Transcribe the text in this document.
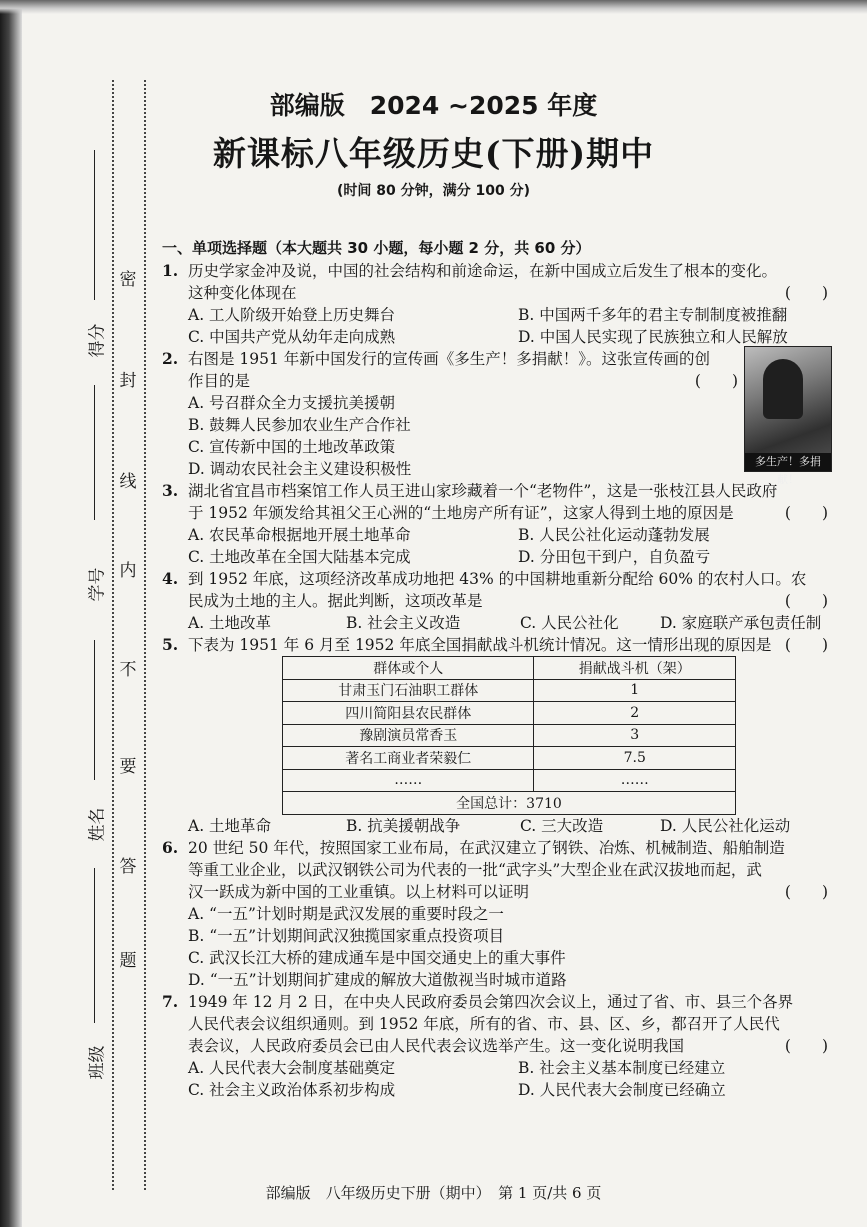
得分
学号
姓名
班级
密
封
线
内
不
要
答
题
部编版　2024 ~2025 年度
新课标八年级历史(下册)期中
(时间 80 分钟，满分 100 分)
多生产！多捐献！
一、单项选择题（本大题共 30 小题，每小题 2 分，共 60 分）
1. 历史学家金冲及说，中国的社会结构和前途命运，在新中国成立后发生了根本的变化。
这种变化体现在	(　　)
A. 工人阶级开始登上历史舞台	B. 中国两千多年的君主专制制度被推翻
C. 中国共产党从幼年走向成熟	D. 中国人民实现了民族独立和人民解放
2. 右图是 1951 年新中国发行的宣传画《多生产！多捐献！》。这张宣传画的创
作目的是	(　　)
A. 号召群众全力支援抗美援朝
B. 鼓舞人民参加农业生产合作社
C. 宣传新中国的土地改革政策
D. 调动农民社会主义建设积极性
3. 湖北省宜昌市档案馆工作人员王进山家珍藏着一个“老物件”，这是一张枝江县人民政府
于 1952 年颁发给其祖父王心洲的“土地房产所有证”，这家人得到土地的原因是	(　　)
A. 农民革命根据地开展土地革命	B. 人民公社化运动蓬勃发展
C. 土地改革在全国大陆基本完成	D. 分田包干到户，自负盈亏
4. 到 1952 年底，这项经济改革成功地把 43% 的中国耕地重新分配给 60% 的农村人口。农
民成为土地的主人。据此判断，这项改革是	(　　)
A. 土地改革	B. 社会主义改造	C. 人民公社化	D. 家庭联产承包责任制
5. 下表为 1951 年 6 月至 1952 年底全国捐献战斗机统计情况。这一情形出现的原因是 (　　)
群体或个人	捐献战斗机（架）
甘肃玉门石油职工群体	1
四川简阳县农民群体	2
豫剧演员常香玉	3
著名工商业者荣毅仁	7.5
……	……
全国总计：3710	
A. 土地革命	B. 抗美援朝战争	C. 三大改造	D. 人民公社化运动
6. 20 世纪 50 年代，按照国家工业布局，在武汉建立了钢铁、冶炼、机械制造、船舶制造
等重工业企业，以武汉钢铁公司为代表的一批“武字头”大型企业在武汉拔地而起，武
汉一跃成为新中国的工业重镇。以上材料可以证明	(　　)
A. “一五”计划时期是武汉发展的重要时段之一
B. “一五”计划期间武汉独揽国家重点投资项目
C. 武汉长江大桥的建成通车是中国交通史上的重大事件
D. “一五”计划期间扩建成的解放大道傲视当时城市道路
7. 1949 年 12 月 2 日，在中央人民政府委员会第四次会议上，通过了省、市、县三个各界
人民代表会议组织通则。到 1952 年底，所有的省、市、县、区、乡，都召开了人民代
表会议，人民政府委员会已由人民代表会议选举产生。这一变化说明我国	(　　)
A. 人民代表大会制度基础奠定	B. 社会主义基本制度已经建立
C. 社会主义政治体系初步构成	D. 人民代表大会制度已经确立
部编版　八年级历史下册（期中）　第 1 页/共 6 页
